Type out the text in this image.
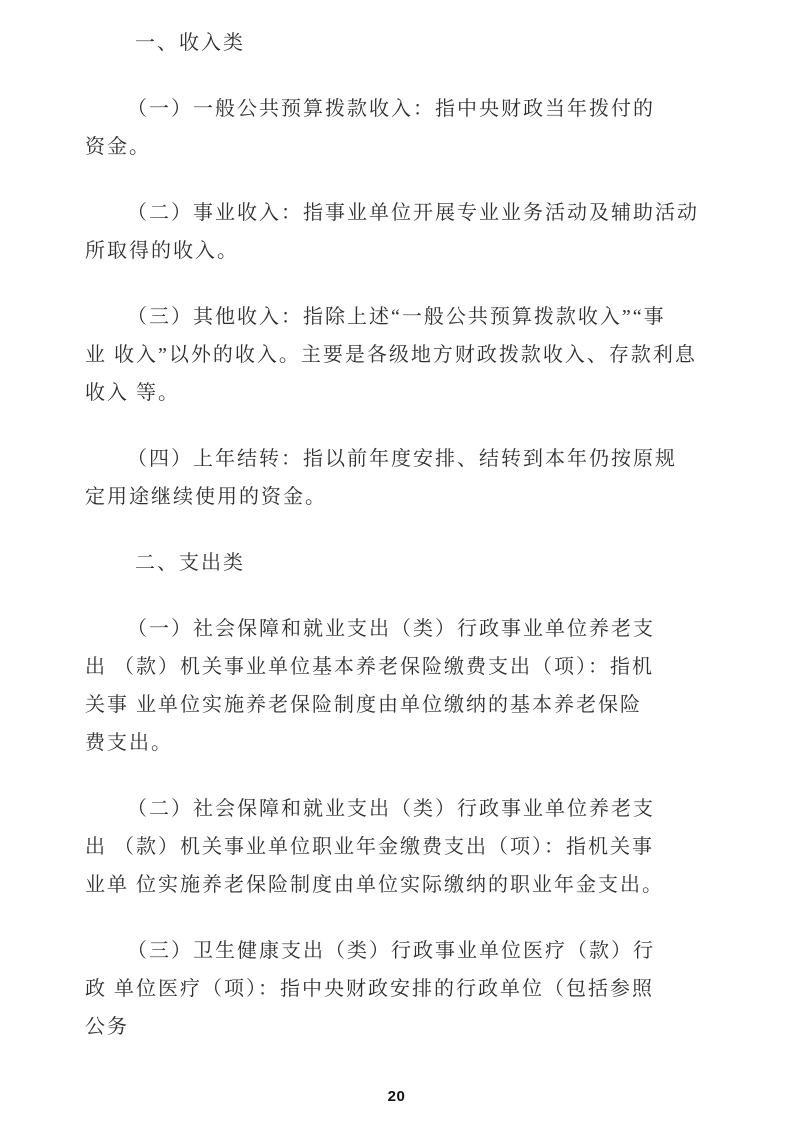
一、收入类
（一）一般公共预算拨款收入：指中央财政当年拨付的
资金。
（二）事业收入：指事业单位开展专业业务活动及辅助活动
所取得的收入。
（三）其他收入：指除上述“一般公共预算拨款收入”“事
业 收入”以外的收入。主要是各级地方财政拨款收入、存款利息
收入 等。
（四）上年结转：指以前年度安排、结转到本年仍按原规
定用途继续使用的资金。
二、支出类
（一）社会保障和就业支出（类）行政事业单位养老支
出 （款）机关事业单位基本养老保险缴费支出（项）：指机
关事 业单位实施养老保险制度由单位缴纳的基本养老保险
费支出。
（二）社会保障和就业支出（类）行政事业单位养老支
出 （款）机关事业单位职业年金缴费支出（项）：指机关事
业单 位实施养老保险制度由单位实际缴纳的职业年金支出。
（三）卫生健康支出（类）行政事业单位医疗（款）行
政 单位医疗（项）：指中央财政安排的行政单位（包括参照
公务
20
